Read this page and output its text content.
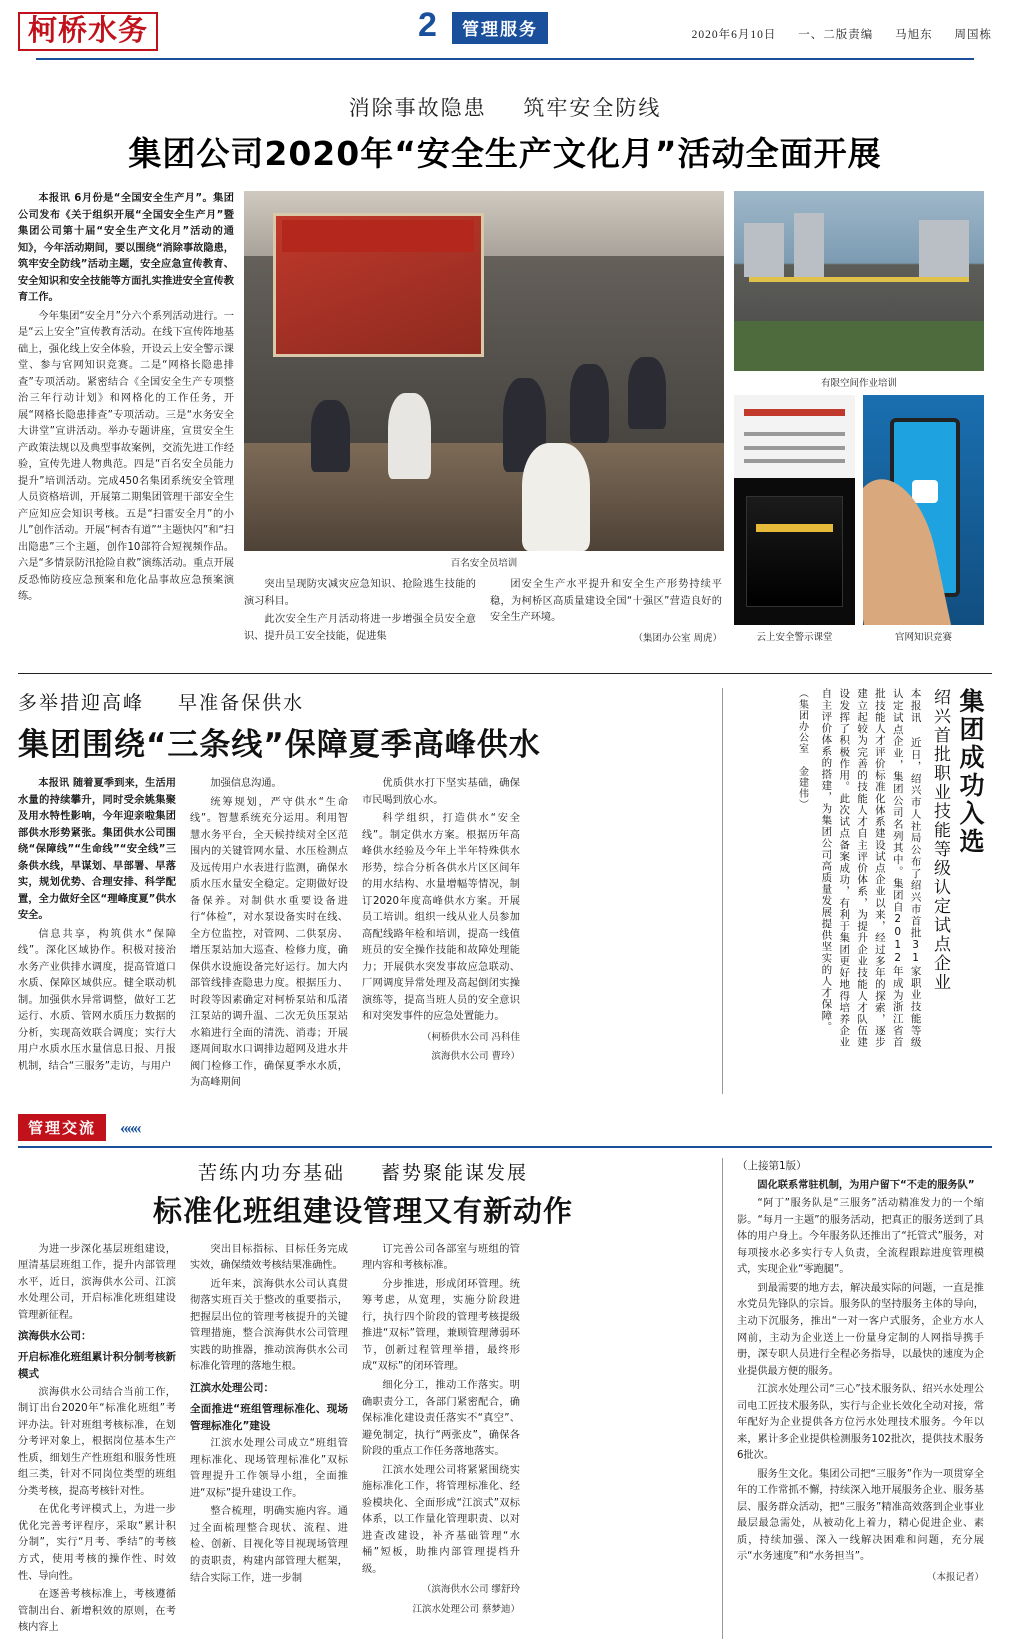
柯桥水务	2	管理服务	2020年6月10日 一、二版责编 马旭东 周国栋
消除事故隐患 筑牢安全防线
集团公司2020年“安全生产文化月”活动全面开展

本报讯 6月份是“全国安全生产月”。集团公司发布《关于组织开展“全国安全生产月”暨集团公司第十届“安全生产文化月”活动的通知》，今年活动期间，要以围绕“消除事故隐患，筑牢安全防线”活动主题，安全应急宣传教育、安全知识和安全技能等方面扎实推进安全宣传教育工作。

今年集团“安全月”分六个系列活动进行。一是“云上安全”宣传教育活动。在线下宣传阵地基础上，强化线上安全体验，开设云上安全警示课堂、参与官网知识竞赛。二是“网格长隐患排查”专项活动。紧密结合《全国安全生产专项整治三年行动计划》和网格化的工作任务，开展“网格长隐患排查”专项活动。三是“水务安全大讲堂”宣讲活动。举办专题讲座，宣贯安全生产政策法规以及典型事故案例，交流先进工作经验，宣传先进人物典范。四是“百名安全员能力提升”培训活动。完成450名集团系统安全管理人员资格培训，开展第二期集团管理干部安全生产应知应会知识考核。五是“扫雷安全月”的小儿”创作活动。开展“柯杏有道”“主题快闪”和“扫出隐患”三个主题，创作10部符合短视频作品。六是“多情景防汛抢险自救”演练活动。重点开展反恐怖防疫应急预案和危化品事故应急预案演练。

百名安全员培训

突出呈现防灾减灾应急知识、抢险逃生技能的演习科目。

此次安全生产月活动将进一步增强全员安全意识、提升员工安全技能，促进集

团安全生产水平提升和安全生产形势持续平稳，为柯桥区高质量建设全国“十强区”营造良好的安全生产环境。

（集团办公室 周虎）
有限空间作业培训
云上安全警示课堂	官网知识竞赛
多举措迎高峰 早准备保供水
集团围绕“三条线”保障夏季高峰供水

本报讯 随着夏季到来，生活用水量的持续攀升，同时受余姚集聚及用水特性影响，今年迎亲啦集团部供水形势紧张。集团供水公司围绕“保障线”“生命线”“安全线”三条供水线，早谋划、早部署、早落实，规划优势、合理安排、科学配置，全力做好全区“理峰度夏”供水安全。

信息共享，构筑供水“保障线”。深化区域协作。积极对接治水务产业供排水调度，提高管道口水质、保障区域供应。健全联动机制。加强供水异常调整，做好工艺运行、水质、管网水质压力数据的分析，实现高效联合调度；实行大用户水质水压水量信息日报、月报机制，结合“三服务”走访，与用户

加强信息沟通。

统筹规划，严守供水“生命线”。智慧系统充分运用。利用智慧水务平台，全天候持续对全区范围内的关键管网水量、水压检测点及远传用户水表进行监测，确保水质水压水量安全稳定。定期做好设备保养。对制供水重要设备进行“体检”，对水泵设备实时在线、全方位监控，对管网、二供泵房、增压泵站加大巡查、检修力度，确保供水设施设备完好运行。加大内部管线排查隐患力度。根据压力、时段等因素确定对柯桥泵站和瓜渚江泵站的调升温、二次无负压泵站水箱进行全面的清洗、消毒；开展逐周间取水口调排边超网及进水井阀门检修工作，确保夏季水水质，为高峰期间

优质供水打下坚实基础，确保市民喝到放心水。

科学组织，打造供水“安全线”。制定供水方案。根据历年高峰供水经验及今年上半年特殊供水形势，综合分析各供水片区区间年的用水结构、水量增幅等情况，制订2020年度高峰供水方案。开展员工培训。组织一线从业人员参加高配线路年检和培训，提高一线值班员的安全操作技能和故障处理能力；开展供水突发事故应急联动、厂网调度异常处理及高起倒闭实操演练等，提高当班人员的安全意识和对突发事件的应急处置能力。

（柯桥供水公司 冯科佳
滨海供水公司 曹玲）
集团成功入选
绍兴首批职业技能等级认定试点企业
本报讯 近日，绍兴市人社局公布了绍兴市首批31家职业技能等级认定试点企业，集团公司名列其中。集团自2012年成为浙江省首批技能人才评价标准化体系建设试点企业以来，经过多年的探索，逐步建立起较为完善的技能人才自主评价体系，为提升企业技能人才队伍建设发挥了积极作用。此次试点备案成功，有利于集团更好地得培养企业自主评价体系的搭建，为集团公司高质量发展提供坚实的人才保障。
（集团办公室 金建伟）
管理交流 «««
苦练内功夯基础 蓄势聚能谋发展
标准化班组建设管理又有新动作

为进一步深化基层班组建设，厘清基层班组工作，提升内部管理水平，近日，滨海供水公司、江滨水处理公司，开启标准化班组建设管理新征程。

滨海供水公司：
开启标准化班组累计积分制考核新模式

滨海供水公司结合当前工作，制订出台2020年“标准化班组”考评办法。针对班组考核标准，在划分考评对象上，根据岗位基本生产性质，细划生产性班组和服务性班组三类，针对不同岗位类型的班组分类考核，提高考核针对性。

在优化考评模式上，为进一步优化完善考评程序，采取“累计积分制”，实行“月考、季结”的考核方式，使用考核的操作性、时效性、导向性。

在逐善考核标准上，考核遵循管制出台、新增积效的原则，在考核内容上

突出目标指标、目标任务完成实效，确保绩效考核结果准确性。

近年来，滨海供水公司认真贯彻落实班百关于整改的重要指示，把握层出位的管理考核提升的关键管理措施，整合滨海供水公司管理实践的助推器，推动滨海供水公司标准化管理的落地生根。

江滨水处理公司：
全面推进“班组管理标准化、现场管理标准化”建设

江滨水处理公司成立“班组管理标准化、现场管理标准化”双标管理提升工作领导小组，全面推进“双标”提升建设工作。

整合梳理，明确实施内容。通过全面梳理整合现状、流程、进检、创新、目视化等目视现场管理的责职责，构建内部管理大框架，结合实际工作，进一步制

订完善公司各部室与班组的管理内容和考核标准。

分步推进，形成闭环管理。统筹考虑，从宽理，实施分阶段进行，执行四个阶段的管理考核提级推进“双标”管理，兼顾管理薄弱环节，创新过程管理举措，最终形成“双标”的闭环管理。

细化分工，推动工作落实。明确职责分工，各部门紧密配合，确保标准化建设责任落实不“真空”、避免制定，执行“两张皮”，确保各阶段的重点工作任务落地落实。

江滨水处理公司将紧紧围绕实施标准化工作，将管理标准化、经验模块化、全面形成“江滨式”双标体系，以工作量化管理职责、以对进查改建设，补齐基础管理“水桶”短板，助推内部管理提档升级。

（滨海供水公司 缪舒玲
江滨水处理公司 蔡梦迪）
（上接第1版）

固化联系常驻机制，为用户留下“不走的服务队”

“阿丁”服务队是“三服务”活动精准发力的一个缩影。“每月一主题”的服务活动，把真正的服务送到了具体的用户身上。今年服务队还推出了“托管式”服务，对每项接水必多实行专人负责，全流程跟踪进度管理模式，实现企业“零跑腿”。

到最需要的地方去，解决最实际的问题，一直是推水党员先锋队的宗旨。服务队的坚持服务主体的导向，主动下沉服务，推出“一对一客户式服务，企业方水人网前，主动为企业送上一份量身定制的人网指导携手册，深专职人员进行全程必务指导，以最快的速度为企业提供最方便的服务。

江滨水处理公司“三心”技术服务队、绍兴水处理公司电工匠技术服务队，实行与企业长效化全动对接，常年配好为企业提供各方位污水处理技术服务。今年以来，累计多企业提供检测服务102批次，提供技术服务6批次。

服务生文化。集团公司把“三服务”作为一项贯穿全年的工作常抓不懈，持续深入地开展服务企业、服务基层、服务群众活动，把“三服务”精准高效落到企业事业最层最急需处，从被动化上着力，精心促进企业、素质，持续加强、深入一线解决困难和问题，充分展示“水务速度”和“水务担当”。

（本报记者）
